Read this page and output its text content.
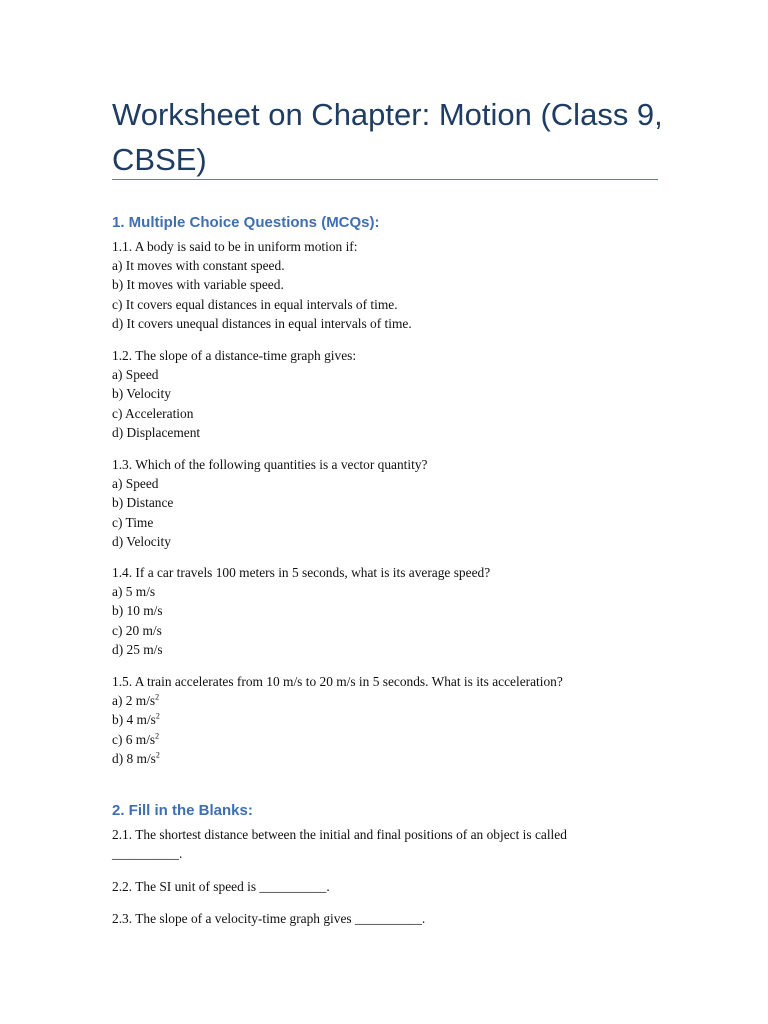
Worksheet on Chapter: Motion (Class 9, CBSE)
1. Multiple Choice Questions (MCQs):
1.1. A body is said to be in uniform motion if:
a) It moves with constant speed.
b) It moves with variable speed.
c) It covers equal distances in equal intervals of time.
d) It covers unequal distances in equal intervals of time.
1.2. The slope of a distance-time graph gives:
a) Speed
b) Velocity
c) Acceleration
d) Displacement
1.3. Which of the following quantities is a vector quantity?
a) Speed
b) Distance
c) Time
d) Velocity
1.4. If a car travels 100 meters in 5 seconds, what is its average speed?
a) 5 m/s
b) 10 m/s
c) 20 m/s
d) 25 m/s
1.5. A train accelerates from 10 m/s to 20 m/s in 5 seconds. What is its acceleration?
a) 2 $m/s^2$
b) 4 $m/s^2$
c) 6 $m/s^2$
d) 8 $m/s^2$
2. Fill in the Blanks:
2.1. The shortest distance between the initial and final positions of an object is called
__________.
2.2. The SI unit of speed is __________.
2.3. The slope of a velocity-time graph gives __________.
